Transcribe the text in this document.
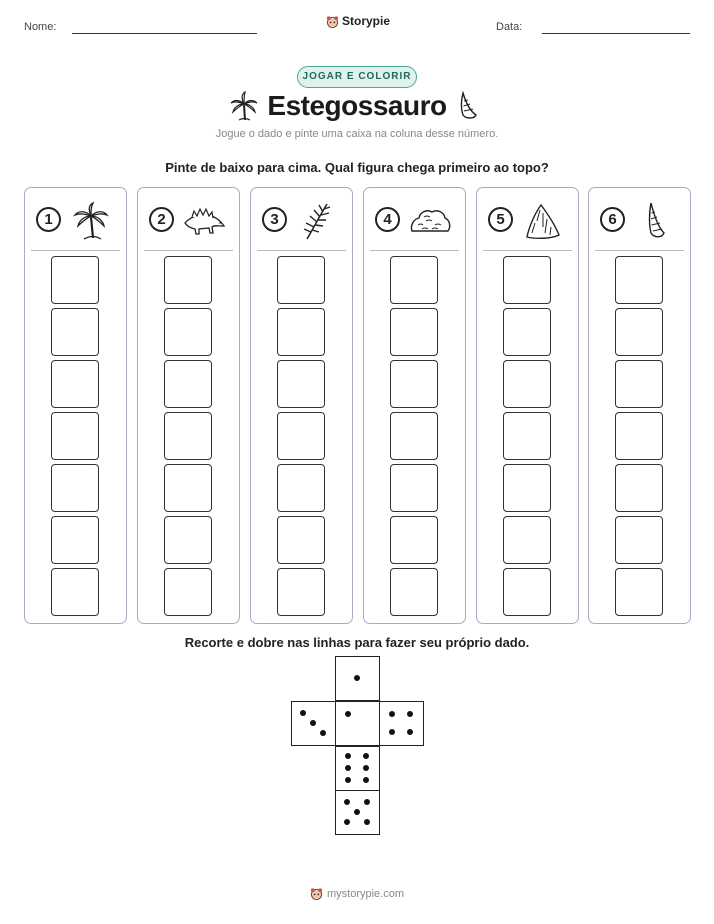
Nome:	Storypie	Data:
JOGAR E COLORIR
Estegossauro
Jogue o dado e pinte uma caixa na coluna desse número.
Pinte de baixo para cima. Qual figura chega primeiro ao topo?
1	2	3	4	5	6
Recorte e dobre nas linhas para fazer seu próprio dado.
mystorypie.com
